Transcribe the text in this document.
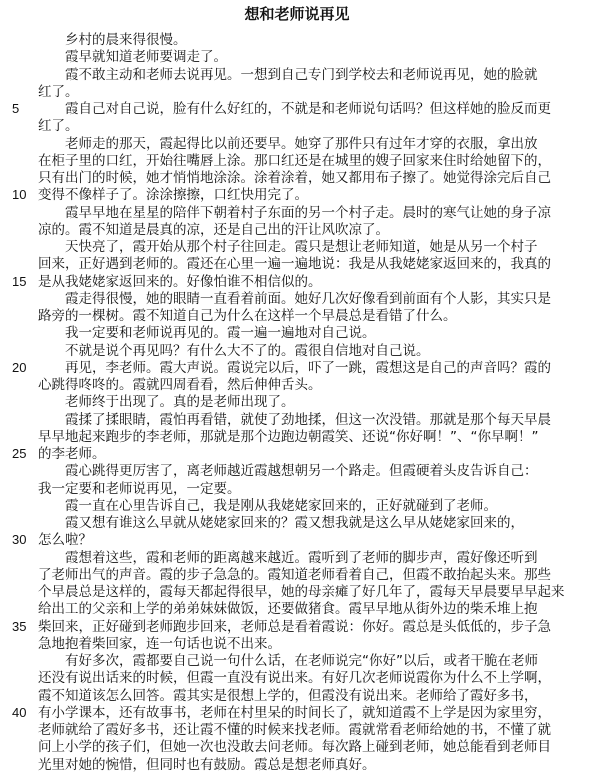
想和老师说再见
　　乡村的晨来得很慢。
　　霞早就知道老师要调走了。
　　霞不敢主动和老师去说再见。一想到自己专门到学校去和老师说再见，她的脸就
红了。
　　霞自己对自己说，脸有什么好红的，不就是和老师说句话吗？但这样她的脸反而更
红了。
　　老师走的那天，霞起得比以前还要早。她穿了那件只有过年才穿的衣服，拿出放
在柜子里的口红，开始往嘴唇上涂。那口红还是在城里的嫂子回家来住时给她留下的，
只有出门的时候，她才悄悄地涂涂。涂着涂着，她又都用布子擦了。她觉得涂完后自己
变得不像样子了。涂涂擦擦，口红快用完了。
　　霞早早地在星星的陪伴下朝着村子东面的另一个村子走。晨时的寒气让她的身子凉
凉的。霞不知道是晨真的凉，还是自己出的汗让风吹凉了。
　　天快亮了，霞开始从那个村子往回走。霞只是想让老师知道，她是从另一个村子
回来，正好遇到老师的。霞还在心里一遍一遍地说：我是从我姥姥家返回来的，我真的
是从我姥姥家返回来的。好像怕谁不相信似的。
　　霞走得很慢，她的眼睛一直看着前面。她好几次好像看到前面有个人影，其实只是
路旁的一棵树。霞不知道自己为什么在这样一个早晨总是看错了什么。
　　我一定要和老师说再见的。霞一遍一遍地对自己说。
　　不就是说个再见吗？有什么大不了的。霞很自信地对自己说。
　　再见，李老师。霞大声说。霞说完以后，吓了一跳，霞想这是自己的声音吗？霞的
心跳得咚咚的。霞就四周看看，然后伸伸舌头。
　　老师终于出现了。真的是老师出现了。
　　霞揉了揉眼睛，霞怕再看错，就使了劲地揉，但这一次没错。那就是那个每天早晨
早早地起来跑步的李老师，那就是那个边跑边朝霞笑、还说“你好啊！”、“你早啊！”
的李老师。
　　霞心跳得更厉害了，离老师越近霞越想朝另一个路走。但霞硬着头皮告诉自己：
我一定要和老师说再见，一定要。
　　霞一直在心里告诉自己，我是刚从我姥姥家回来的，正好就碰到了老师。
　　霞又想有谁这么早就从姥姥家回来的？霞又想我就是这么早从姥姥家回来的，
怎么啦？
　　霞想着这些，霞和老师的距离越来越近。霞听到了老师的脚步声，霞好像还听到
了老师出气的声音。霞的步子急急的。霞知道老师看着自己，但霞不敢抬起头来。那些
个早晨总是这样的，霞每天都起得很早，她的母亲瘫了好几年了，霞每天早晨要早早起来
给出工的父亲和上学的弟弟妹妹做饭，还要做猪食。霞早早地从街外边的柴禾堆上抱
柴回来，正好碰到老师跑步回来，老师总是看着霞说：你好。霞总是头低低的，步子急
急地抱着柴回家，连一句话也说不出来。
　　有好多次，霞都要自己说一句什么话，在老师说完“你好”以后，或者干脆在老师
还没有说出话来的时候，但霞一直没有说出来。有好几次老师说霞你为什么不上学啊，
霞不知道该怎么回答。霞其实是很想上学的，但霞没有说出来。老师给了霞好多书，
有小学课本，还有故事书，老师在村里呆的时间长了，就知道霞不上学是因为家里穷，
老师就给了霞好多书，还让霞不懂的时候来找老师。霞就常看老师给她的书，不懂了就
问上小学的孩子们，但她一次也没敢去问老师。每次路上碰到老师，她总能看到老师目
光里对她的惋惜，但同时也有鼓励。霞总是想老师真好。
5
10
15
20
25
30
35
40
